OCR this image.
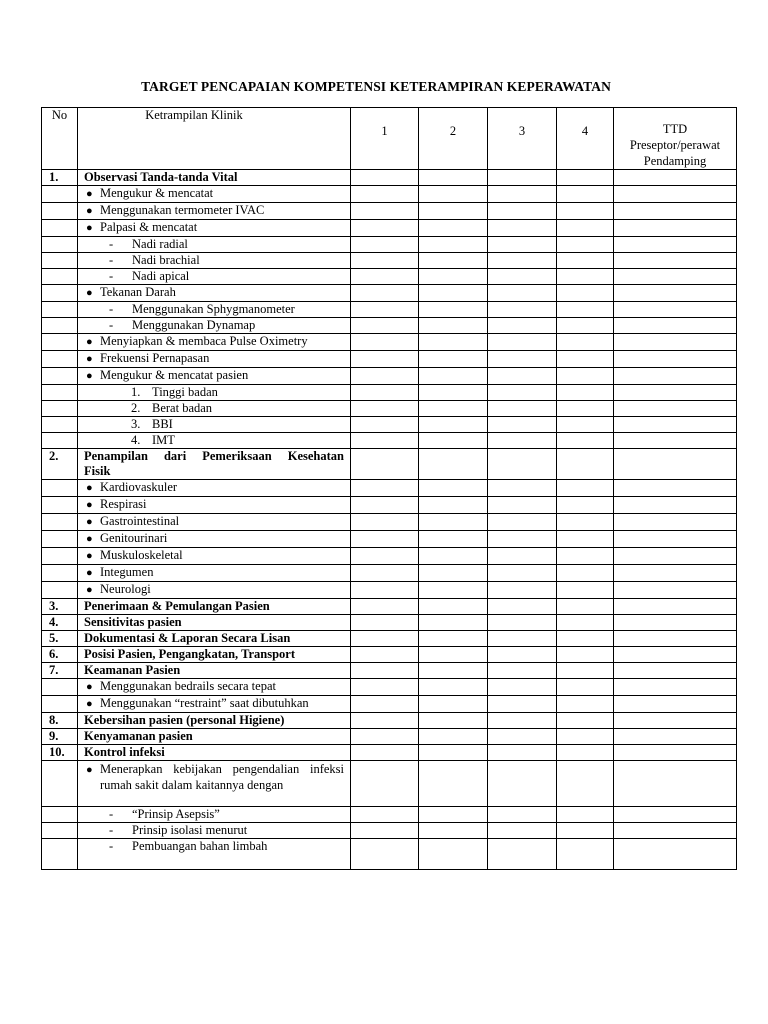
TARGET PENCAPAIAN KOMPETENSI KETERAMPIRAN KEPERAWATAN
No	Ketrampilan Klinik	1	2	3	4	TTD
Preseptor/perawat
Pendamping

1.	Observasi Tanda-tanda Vital					
	● Mengukur & mencatat					
	● Menggunakan termometer IVAC					
	● Palpasi & mencatat					
	- Nadi radial					
	- Nadi brachial					
	- Nadi apical					
	● Tekanan Darah					
	- Menggunakan Sphygmanometer					
	- Menggunakan Dynamap					
	● Menyiapkan & membaca Pulse Oximetry					
	● Frekuensi Pernapasan					
	● Mengukur & mencatat pasien					
	1. Tinggi badan					
	2. Berat badan					
	3. BBI					
	4. IMT					
2.	Penampilan dari Pemeriksaan Kesehatan Fisik					
	● Kardiovaskuler					
	● Respirasi					
	● Gastrointestinal					
	● Genitourinari					
	● Muskuloskeletal					
	● Integumen					
	● Neurologi					
3.	Penerimaan & Pemulangan Pasien					
4.	Sensitivitas pasien					
5.	Dokumentasi & Laporan Secara Lisan					
6.	Posisi Pasien, Pengangkatan, Transport					
7.	Keamanan Pasien					
	● Menggunakan bedrails secara tepat					
	● Menggunakan “restraint” saat dibutuhkan					
8.	Kebersihan pasien (personal Higiene)					
9.	Kenyamanan pasien					
10.	Kontrol infeksi					
	● Menerapkan kebijakan pengendalian infeksi rumah sakit dalam kaitannya dengan					
	- “Prinsip Asepsis”					
	- Prinsip isolasi menurut					
	- Pembuangan bahan limbah					
